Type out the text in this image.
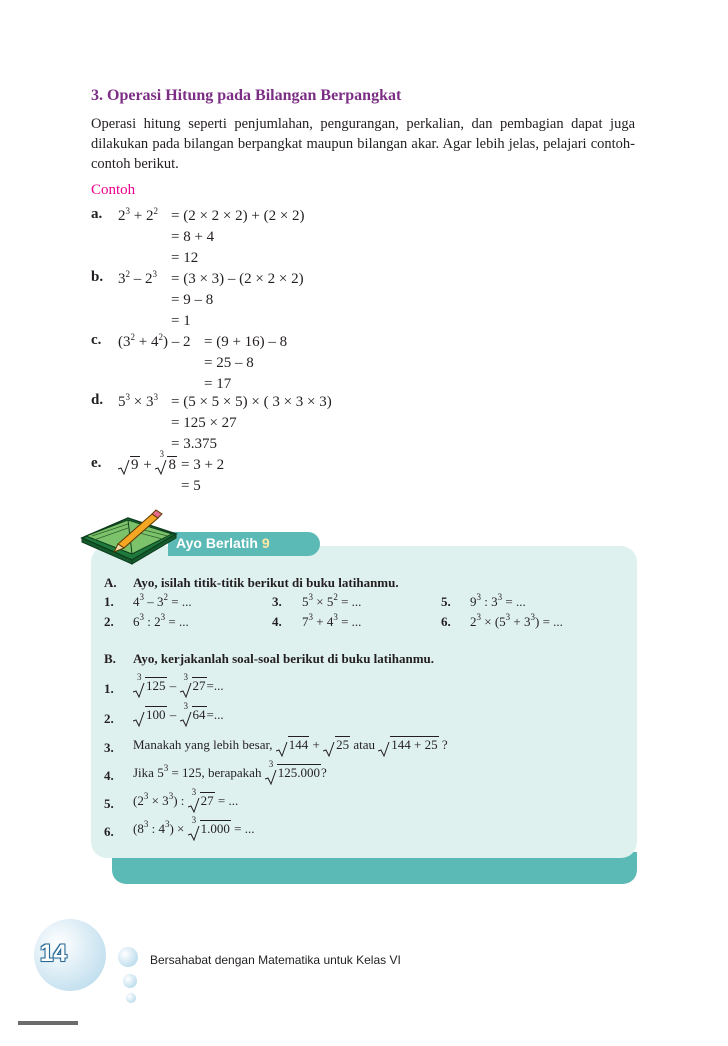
3. Operasi Hitung pada Bilangan Berpangkat
Operasi hitung seperti penjumlahan, pengurangan, perkalian, dan pembagian dapat juga dilakukan pada bilangan berpangkat maupun bilangan akar. Agar lebih jelas, pelajari contoh-contoh berikut.
Contoh
a. $2^3 + 2^2 = (2 \times 2 \times 2) + (2 \times 2)$
= 8 + 4
= 12
b. $3^2 - 2^3 = (3 \times 3) - (2 \times 2 \times 2)$
= 9 – 8
= 1
c. $(3^2 + 4^2) - 2 = (9 + 16) - 8$
= 25 – 8
= 17
d. $5^3 \times 3^3 = (5 \times 5 \times 5)$ × ( 3 × 3 × 3)
= 125 × 27
= 3.375
e.	9 +
3
8 = 3 + 2
= 5
Ayo Berlatih 9
A. Ayo, isilah titik-titik berikut di buku latihanmu.
1. $4^3 - 3^2$ = ...
2. $6^3$ : $2^3$ = ...
3. $5^3 \times 5^2$ = ...
4. $7^3 + 4^3$ = ...
5. $9^3$ : $3^3$ = ...
6. $2^3 \times (5^3 + 3^3)$ = ...
B. Ayo, kerjakanlah soal-soal berikut di buku latihanmu.
1.
3
125 –
3
27=...
2.	100 –
3
64=...
3. Manakah yang lebih besar, 144 + 25 atau 144 + 25 ?
4. Jika $5^3 = 125$, berapakah
3
125.000?
5. $(2^3 \times 3^3)$ :
3
27 = ...
6. ($8^3$ : $4^3$) ×
3
1.000 = ...
14	Bersahabat dengan Matematika untuk Kelas VI
